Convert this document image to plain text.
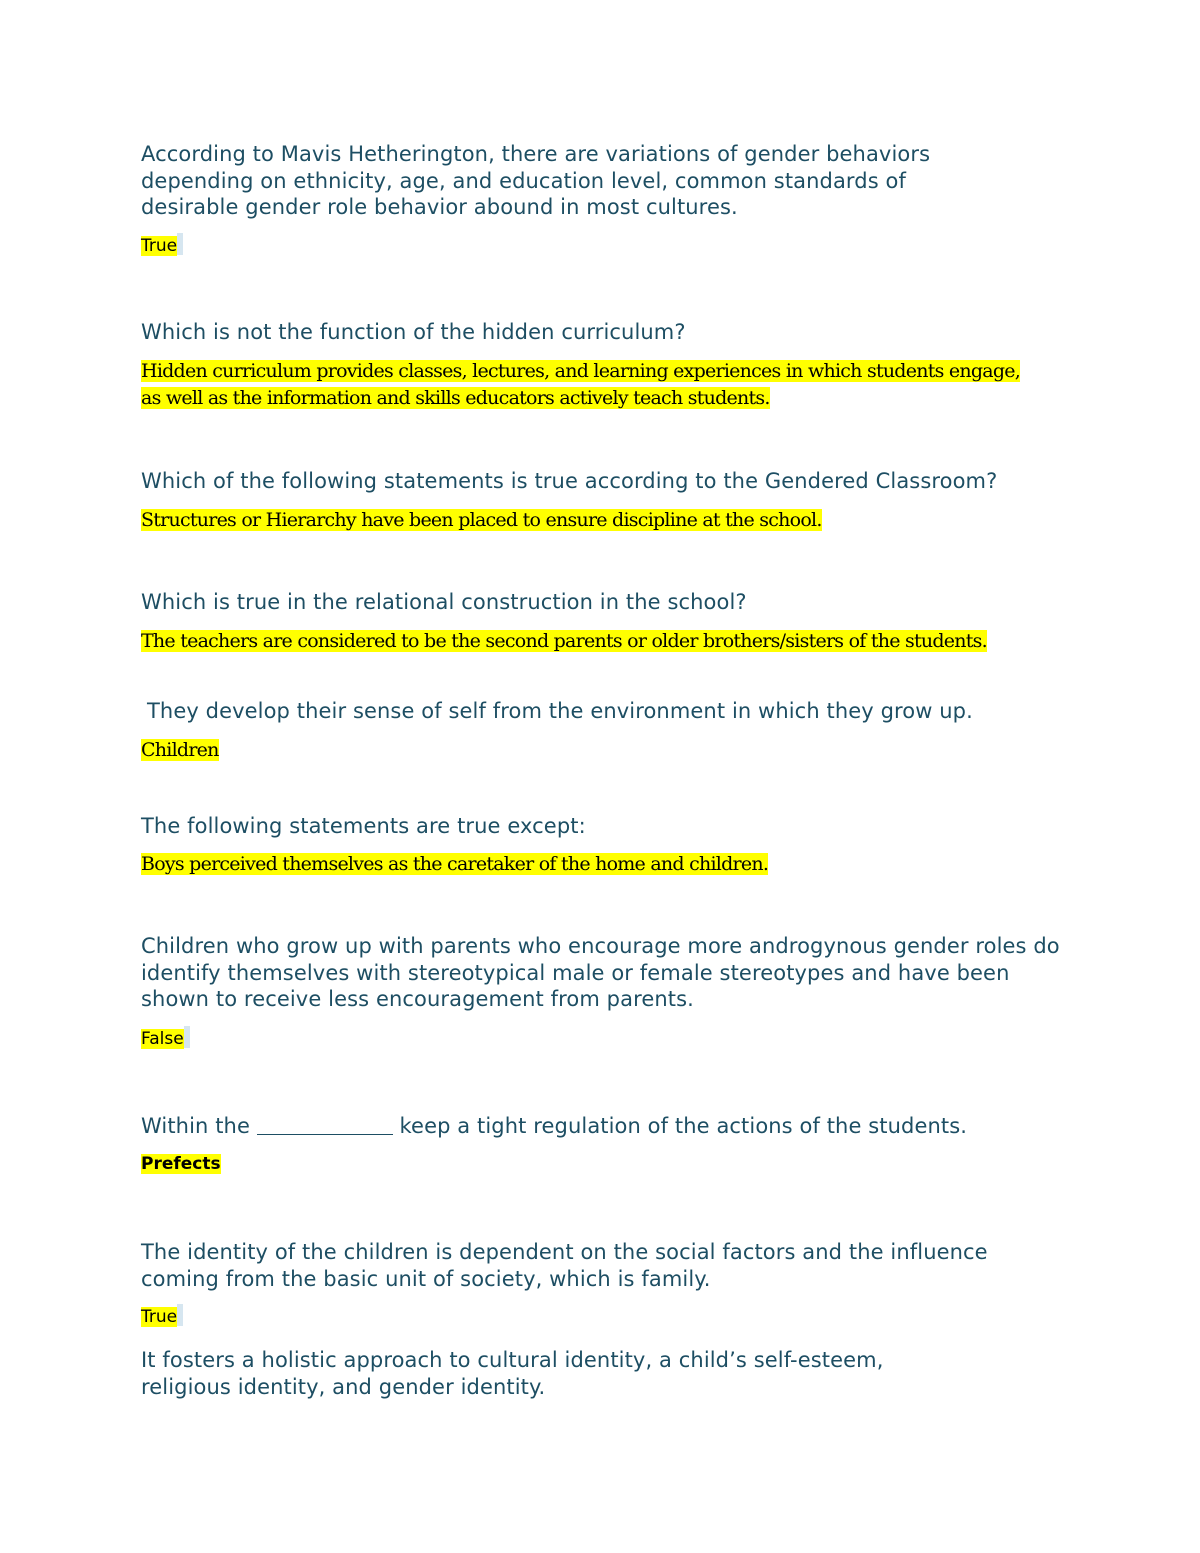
According to Mavis Hetherington, there are variations of gender behaviors depending on ethnicity, age, and education level, common standards of desirable gender role behavior abound in most cultures.

True

Which is not the function of the hidden curriculum?

Hidden curriculum provides classes, lectures, and learning experiences in which students engage,
as well as the information and skills educators actively teach students.

Which of the following statements is true according to the Gendered Classroom?

Structures or Hierarchy have been placed to ensure discipline at the school.

Which is true in the relational construction in the school?

The teachers are considered to be the second parents or older brothers/sisters of the students.

They develop their sense of self from the environment in which they grow up.

Children

The following statements are true except:

Boys perceived themselves as the caretaker of the home and children.

Children who grow up with parents who encourage more androgynous gender roles do identify themselves with stereotypical male or female stereotypes and have been shown to receive less encouragement from parents.

False

Within the	keep a tight regulation of the actions of the students.

Prefects

The identity of the children is dependent on the social factors and the influence coming from the basic unit of society, which is family.

True

It fosters a holistic approach to cultural identity, a child’s self-esteem, religious identity, and gender identity.
